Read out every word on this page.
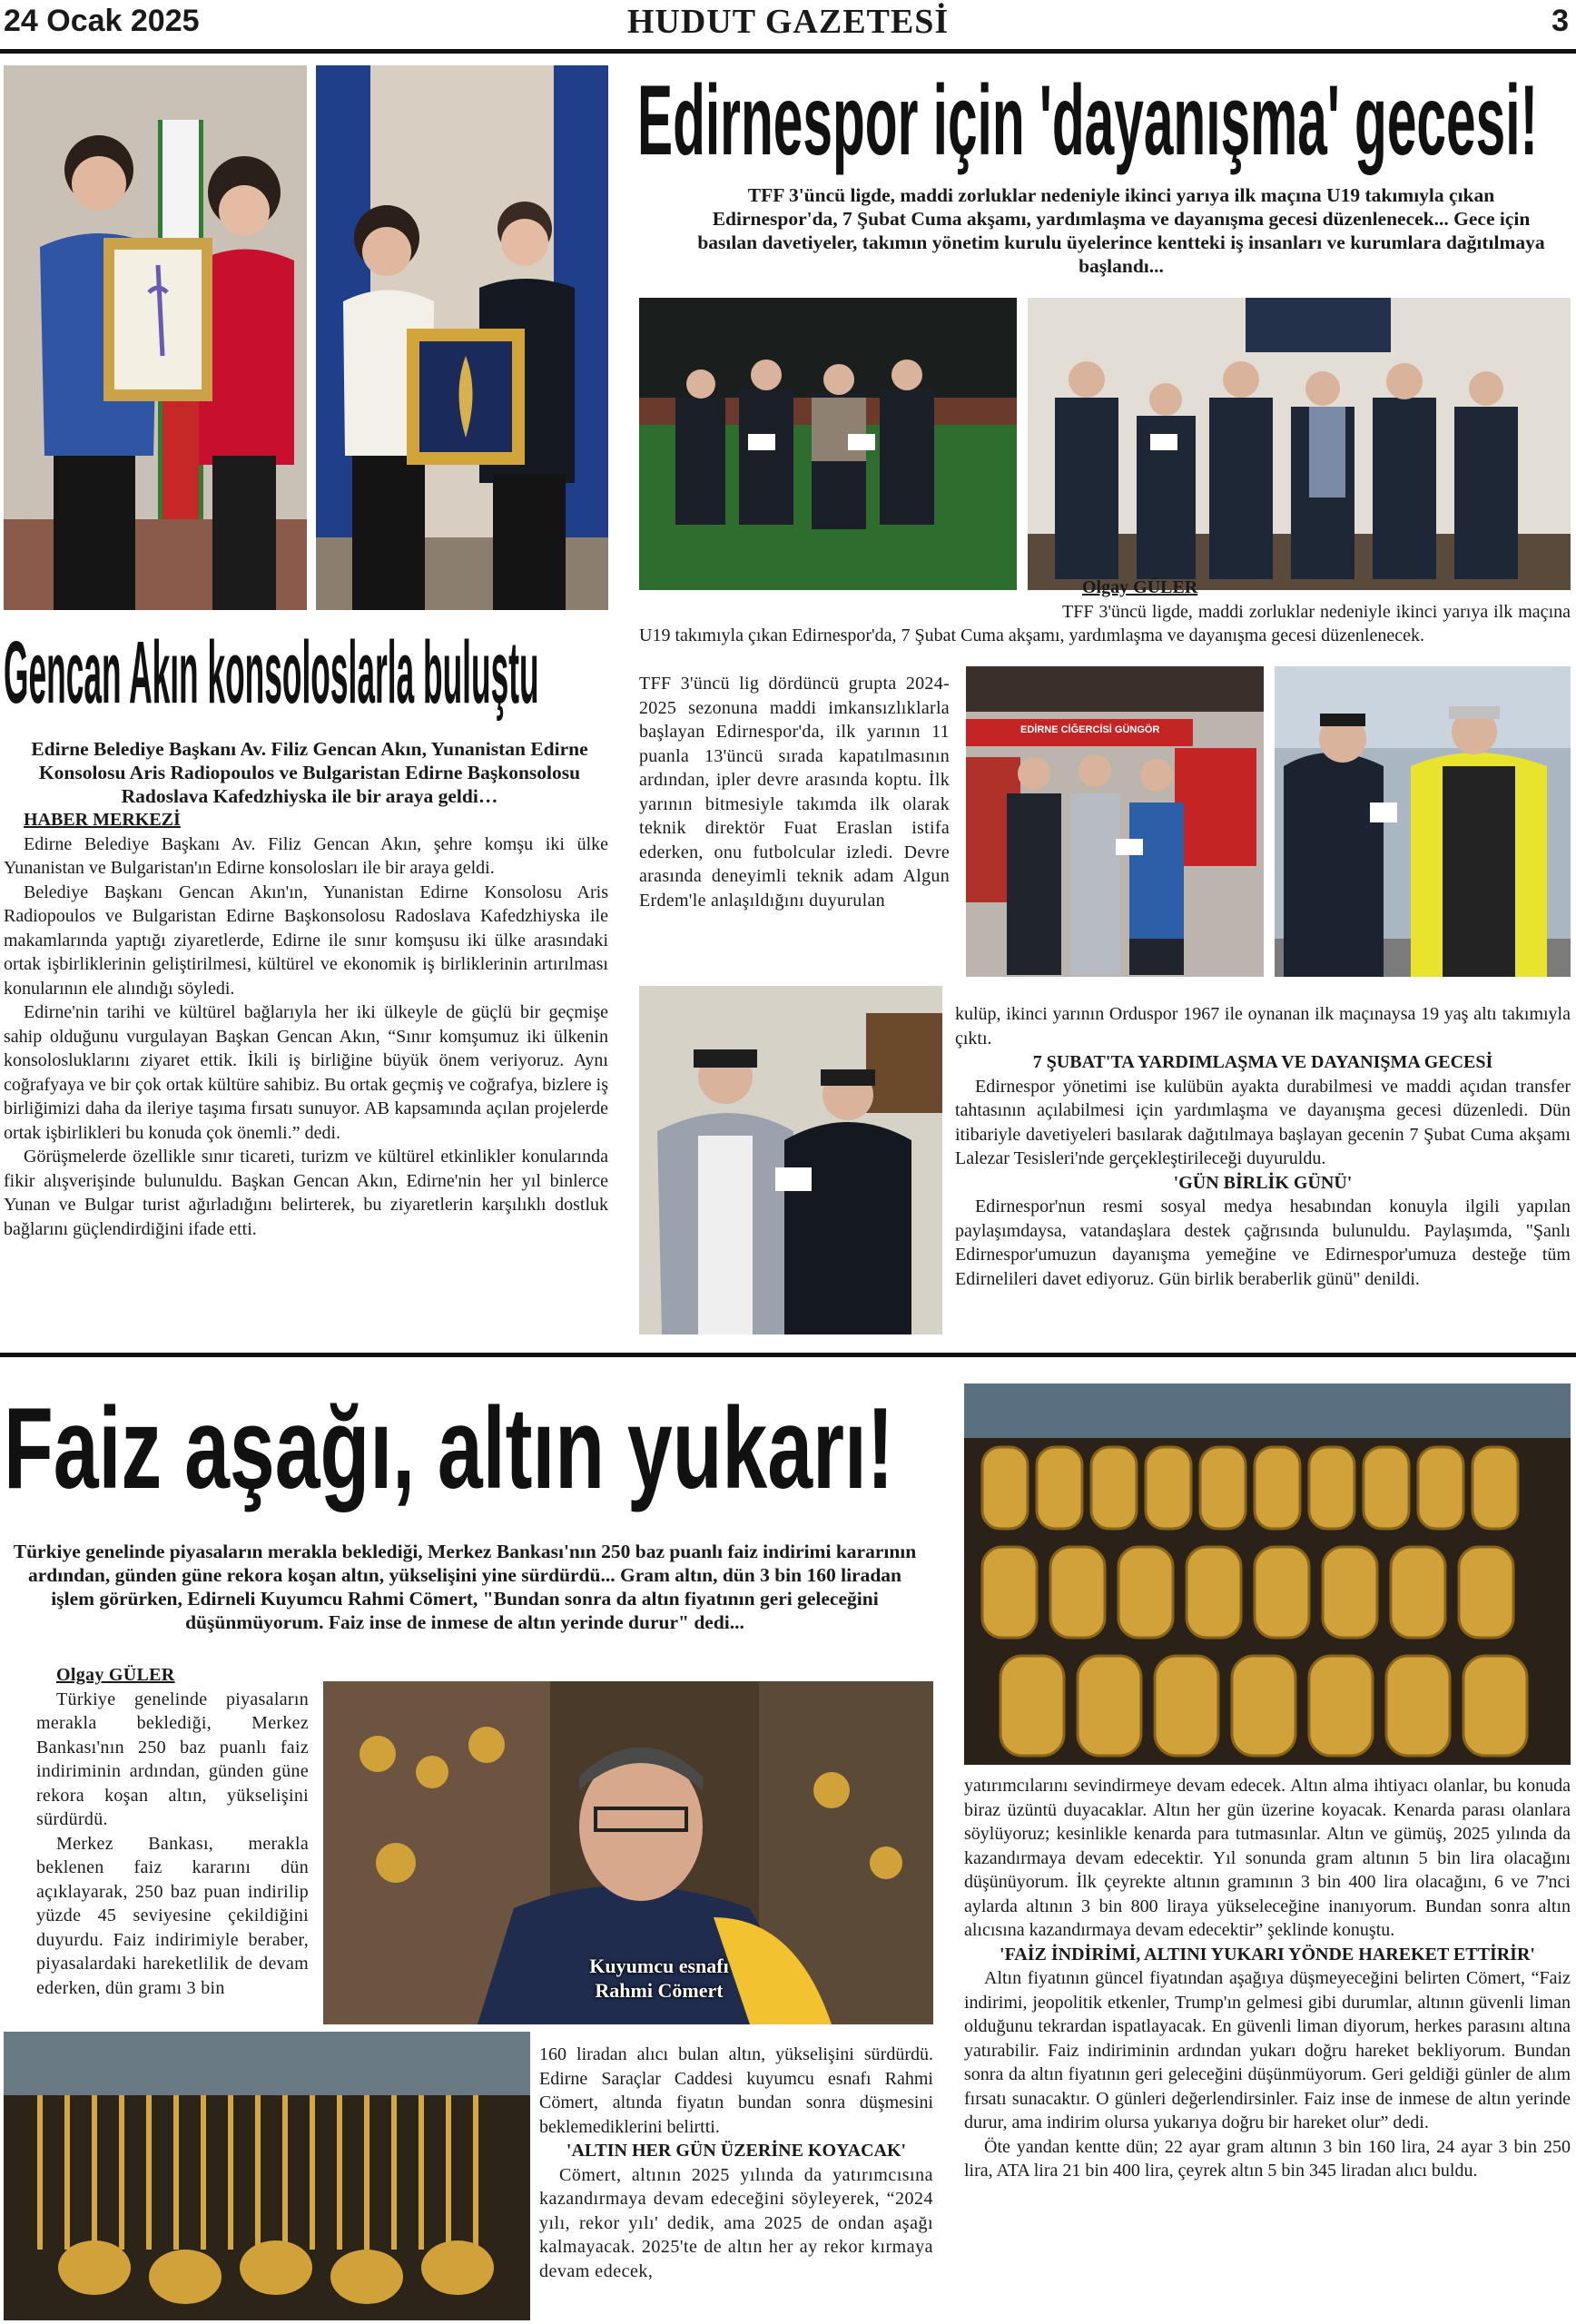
24 Ocak 2025	HUDUT GAZETESİ	3
Edirnespor için 'dayanışma' gecesi!
TFF 3'üncü ligde, maddi zorluklar nedeniyle ikinci yarıya ilk maçına U19 takımıyla çıkan Edirnespor'da, 7 Şubat Cuma akşamı, yardımlaşma ve dayanışma gecesi düzenlenecek... Gece için basılan davetiyeler, takımın yönetim kurulu üyelerince kentteki iş insanları ve kurumlara dağıtılmaya başlandı...
Gencan Akın konsoloslarla buluştu
Edirne Belediye Başkanı Av. Filiz Gencan Akın, Yunanistan Edirne Konsolosu Aris Radiopoulos ve Bulgaristan Edirne Başkonsolosu Radoslava Kafedzhiyska ile bir araya geldi…

HABER MERKEZİ

Edirne Belediye Başkanı Av. Filiz Gencan Akın, şehre komşu iki ülke Yunanistan ve Bulgaristan'ın Edirne konsolosları ile bir araya geldi.

Belediye Başkanı Gencan Akın'ın, Yunanistan Edirne Konsolosu Aris Radiopoulos ve Bulgaristan Edirne Başkonsolosu Radoslava Kafedzhiyska ile makamlarında yaptığı ziyaretlerde, Edirne ile sınır komşusu iki ülke arasındaki ortak işbirliklerinin geliştirilmesi, kültürel ve ekonomik iş birliklerinin artırılması konularının ele alındığı söyledi.

Edirne'nin tarihi ve kültürel bağlarıyla her iki ülkeyle de güçlü bir geçmişe sahip olduğunu vurgulayan Başkan Gencan Akın, “Sınır komşumuz iki ülkenin konsolosluklarını ziyaret ettik. İkili iş birliğine büyük önem veriyoruz. Aynı coğrafyaya ve bir çok ortak kültüre sahibiz. Bu ortak geçmiş ve coğrafya, bizlere iş birliğimizi daha da ileriye taşıma fırsatı sunuyor. AB kapsamında açılan projelerde ortak işbirlikleri bu konuda çok önemli.” dedi.

Görüşmelerde özellikle sınır ticareti, turizm ve kültürel etkinlikler konularında fikir alışverişinde bulunuldu. Başkan Gencan Akın, Edirne'nin her yıl binlerce Yunan ve Bulgar turist ağırladığını belirterek, bu ziyaretlerin karşılıklı dostluk bağlarını güçlendirdiğini ifade etti.

Olgay GÜLER

TFF 3'üncü ligde, maddi zorluklar nedeniyle ikinci yarıya ilk maçına U19 takımıyla çıkan Edirnespor'da, 7 Şubat Cuma akşamı, yardımlaşma ve dayanışma gecesi düzenlenecek.

TFF 3'üncü lig dördüncü grupta 2024-2025 sezonuna maddi imkansızlıklarla başlayan Edirnespor'da, ilk yarının 11 puanla 13'üncü sırada kapatılmasının ardından, ipler devre arasında koptu. İlk yarının bitmesiyle takımda ilk olarak teknik direktör Fuat Eraslan istifa ederken, onu futbolcular izledi. Devre arasında deneyimli teknik adam Algun Erdem'le anlaşıldığını duyurulan
EDİRNE CİĞERCİSİ GÜNGÖR

kulüp, ikinci yarının Orduspor 1967 ile oynanan ilk maçınaysa 19 yaş altı takımıyla çıktı.

7 ŞUBAT'TA YARDIMLAŞMA VE DAYANIŞMA GECESİ

Edirnespor yönetimi ise kulübün ayakta durabilmesi ve maddi açıdan transfer tahtasının açılabilmesi için yardımlaşma ve dayanışma gecesi düzenledi. Dün itibariyle davetiyeleri basılarak dağıtılmaya başlayan gecenin 7 Şubat Cuma akşamı Lalezar Tesisleri'nde gerçekleştirileceği duyuruldu.

'GÜN BİRLİK GÜNÜ'

Edirnespor'nun resmi sosyal medya hesabından konuyla ilgili yapılan paylaşımdaysa, vatandaşlara destek çağrısında bulunuldu. Paylaşımda, "Şanlı Edirnespor'umuzun dayanışma yemeğine ve Edirnespor'umuza desteğe tüm Edirnelileri davet ediyoruz. Gün birlik beraberlik günü" denildi.

Faiz aşağı, altın yukarı!
Türkiye genelinde piyasaların merakla beklediği, Merkez Bankası'nın 250 baz puanlı faiz indirimi kararının ardından, günden güne rekora koşan altın, yükselişini yine sürdürdü... Gram altın, dün 3 bin 160 liradan işlem görürken, Edirneli Kuyumcu Rahmi Cömert, "Bundan sonra da altın fiyatının geri geleceğini düşünmüyorum. Faiz inse de inmese de altın yerinde durur" dedi...

Olgay GÜLER

Türkiye genelinde piyasaların merakla beklediği, Merkez Bankası'nın 250 baz puanlı faiz indiriminin ardından, günden güne rekora koşan altın, yükselişini sürdürdü.

Merkez Bankası, merakla beklenen faiz kararını dün açıklayarak, 250 baz puan indirilip yüzde 45 seviyesine çekildiğini duyurdu. Faiz indirimiyle beraber, piyasalardaki hareketlilik de devam ederken, dün gramı 3 bin

Kuyumcu esnafı
Rahmi Cömert

160 liradan alıcı bulan altın, yükselişini sürdürdü. Edirne Saraçlar Caddesi kuyumcu esnafı Rahmi Cömert, altında fiyatın bundan sonra düşmesini beklemediklerini belirtti.

'ALTIN HER GÜN ÜZERİNE KOYACAK'

Cömert, altının 2025 yılında da yatırımcısına kazandırmaya devam edeceğini söyleyerek, “2024 yılı, rekor yılı' dedik, ama 2025 de ondan aşağı kalmayacak. 2025'te de altın her ay rekor kırmaya devam edecek,

yatırımcılarını sevindirmeye devam edecek. Altın alma ihtiyacı olanlar, bu konuda biraz üzüntü duyacaklar. Altın her gün üzerine koyacak. Kenarda parası olanlara söylüyoruz; kesinlikle kenarda para tutmasınlar. Altın ve gümüş, 2025 yılında da kazandırmaya devam edecektir. Yıl sonunda gram altının 5 bin lira olacağını düşünüyorum. İlk çeyrekte altının gramının 3 bin 400 lira olacağını, 6 ve 7'nci aylarda altının 3 bin 800 liraya yükseleceğine inanıyorum. Bundan sonra altın alıcısına kazandırmaya devam edecektir” şeklinde konuştu.

'FAİZ İNDİRİMİ, ALTINI YUKARI YÖNDE HAREKET ETTİRİR'

Altın fiyatının güncel fiyatından aşağıya düşmeyeceğini belirten Cömert, “Faiz indirimi, jeopolitik etkenler, Trump'ın gelmesi gibi durumlar, altının güvenli liman olduğunu tekrardan ispatlayacak. En güvenli liman diyorum, herkes parasını altına yatırabilir. Faiz indiriminin ardından yukarı doğru hareket bekliyorum. Bundan sonra da altın fiyatının geri geleceğini düşünmüyorum. Geri geldiği günler de alım fırsatı sunacaktır. O günleri değerlendirsinler. Faiz inse de inmese de altın yerinde durur, ama indirim olursa yukarıya doğru bir hareket olur” dedi.

Öte yandan kentte dün; 22 ayar gram altının 3 bin 160 lira, 24 ayar 3 bin 250 lira, ATA lira 21 bin 400 lira, çeyrek altın 5 bin 345 liradan alıcı buldu.
